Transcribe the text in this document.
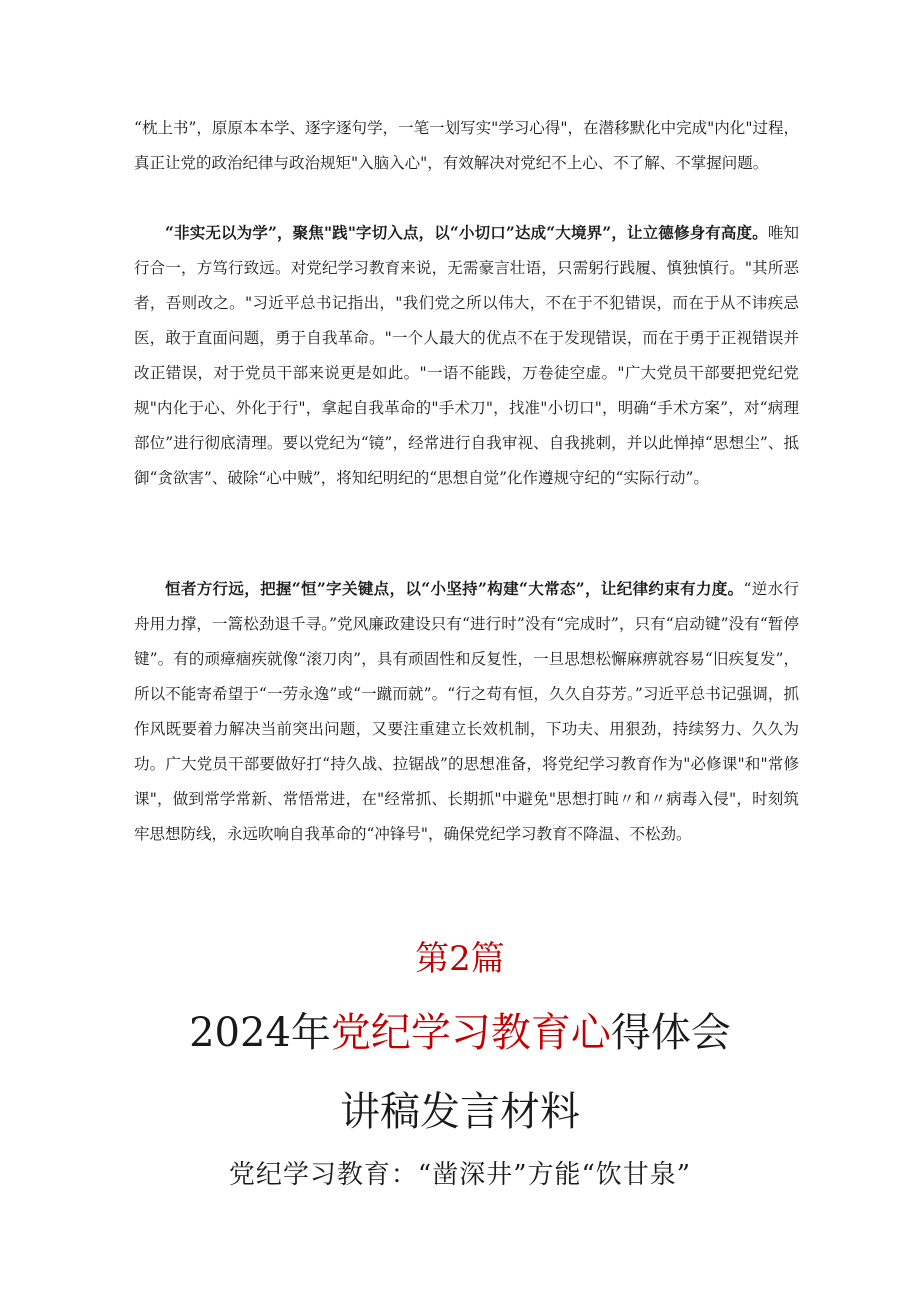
“枕上书”，原原本本学、逐字逐句学，一笔一划写实"学习心得"，在潜移默化中完成"内化"过程，真正让党的政治纪律与政治规矩"入脑入心"，有效解决对党纪不上心、不了解、不掌握问题。

“非实无以为学”，聚焦"践"字切入点，以“小切口”达成“大境界”，让立德修身有高度。唯知行合一，方笃行致远。对党纪学习教育来说，无需豪言壮语，只需躬行践履、慎独慎行。"其所恶者，吾则改之。"习近平总书记指出，"我们党之所以伟大，不在于不犯错误，而在于从不讳疾忌医，敢于直面问题，勇于自我革命。"一个人最大的优点不在于发现错误，而在于勇于正视错误并改正错误，对于党员干部来说更是如此。"一语不能践，万卷徒空虚。"广大党员干部要把党纪党规"内化于心、外化于行"，拿起自我革命的"手术刀"，找准"小切口"，明确“手术方案”，对“病理部位”进行彻底清理。要以党纪为“镜”，经常进行自我审视、自我挑刺，并以此惮掉“思想尘”、抵御“贪欲害”、破除“心中贼”，将知纪明纪的“思想自觉”化作遵规守纪的“实际行动”。

恒者方行远，把握“恒”字关键点，以“小坚持”构建“大常态”，让纪律约束有力度。“逆水行舟用力撑，一篙松劲退千寻。”党风廉政建设只有“进行时”没有“完成时”，只有“启动键”没有“暂停键”。有的顽瘴痼疾就像“滚刀肉”，具有顽固性和反复性，一旦思想松懈麻痹就容易“旧疾复发”，所以不能寄希望于“一劳永逸”或“一蹴而就”。“行之苟有恒，久久自芬芳。”习近平总书记强调，抓作风既要着力解决当前突出问题，又要注重建立长效机制，下功夫、用狠劲，持续努力、久久为功。广大党员干部要做好打“持久战、拉锯战”的思想准备，将党纪学习教育作为"必修课"和"常修课"，做到常学常新、常悟常进，在"经常抓、长期抓"中避免"思想打盹〃和〃病毒入侵"，时刻筑牢思想防线，永远吹响自我革命的“冲锋号"，确保党纪学习教育不降温、不松劲。

第2篇
2024年党纪学习教育心得体会
讲稿发言材料
党纪学习教育：“凿深井”方能“饮甘泉”
